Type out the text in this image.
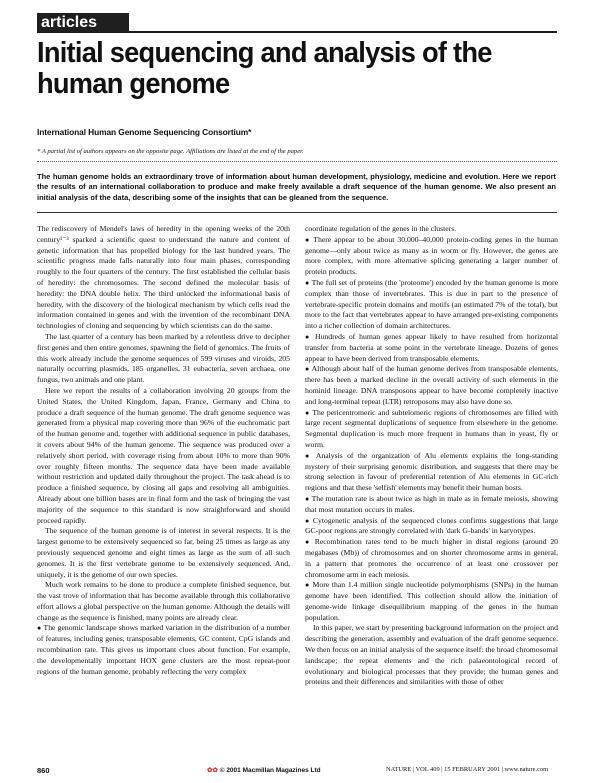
articles
Initial sequencing and analysis of the human genome
International Human Genome Sequencing Consortium*
* A partial list of authors appears on the opposite page. Affiliations are listed at the end of the paper.

The human genome holds an extraordinary trove of information about human development, physiology, medicine and evolution. Here we report the results of an international collaboration to produce and make freely available a draft sequence of the human genome. We also present an initial analysis of the data, describing some of the insights that can be gleaned from the sequence.

The rediscovery of Mendel's laws of heredity in the opening weeks of the 20th century¹⁻³ sparked a scientific quest to understand the nature and content of genetic information that has propelled biology for the last hundred years. The scientific progress made falls naturally into four main phases, corresponding roughly to the four quarters of the century. The first established the cellular basis of heredity: the chromosomes. The second defined the molecular basis of heredity: the DNA double helix. The third unlocked the informational basis of heredity, with the discovery of the biological mechanism by which cells read the information contained in genes and with the invention of the recombinant DNA technologies of cloning and sequencing by which scientists can do the same.

The last quarter of a century has been marked by a relentless drive to decipher first genes and then entire genomes, spawning the field of genomics. The fruits of this work already include the genome sequences of 599 viruses and viroids, 205 naturally occurring plasmids, 185 organelles, 31 eubacteria, seven archaea, one fungus, two animals and one plant.

Here we report the results of a collaboration involving 20 groups from the United States, the United Kingdom, Japan, France, Germany and China to produce a draft sequence of the human genome. The draft genome sequence was generated from a physical map covering more than 96% of the euchromatic part of the human genome and, together with additional sequence in public databases, it covers about 94% of the human genome. The sequence was produced over a relatively short period, with coverage rising from about 10% to more than 90% over roughly fifteen months. The sequence data have been made available without restriction and updated daily throughout the project. The task ahead is to produce a finished sequence, by closing all gaps and resolving all ambiguities. Already about one billion bases are in final form and the task of bringing the vast majority of the sequence to this standard is now straightforward and should proceed rapidly.

The sequence of the human genome is of interest in several respects. It is the largest genome to be extensively sequenced so far, being 25 times as large as any previously sequenced genome and eight times as large as the sum of all such genomes. It is the first vertebrate genome to be extensively sequenced. And, uniquely, it is the genome of our own species.

Much work remains to be done to produce a complete finished sequence, but the vast trove of information that has become available through this collaborative effort allows a global perspective on the human genome. Although the details will change as the sequence is finished, many points are already clear.

● The genomic landscape shows marked variation in the distribution of a number of features, including genes, transposable elements, GC content, CpG islands and recombination rate. This gives us important clues about function. For example, the developmentally important HOX gene clusters are the most repeat-poor regions of the human genome, probably reflecting the very complex

coordinate regulation of the genes in the clusters.

● There appear to be about 30,000–40,000 protein-coding genes in the human genome—only about twice as many as in worm or fly. However, the genes are more complex, with more alternative splicing generating a larger number of protein products.

● The full set of proteins (the 'proteome') encoded by the human genome is more complex than those of invertebrates. This is due in part to the presence of vertebrate-specific protein domains and motifs (an estimated 7% of the total), but more to the fact that vertebrates appear to have arranged pre-existing components into a richer collection of domain architectures.

● Hundreds of human genes appear likely to have resulted from horizontal transfer from bacteria at some point in the vertebrate lineage. Dozens of genes appear to have been derived from transposable elements.

● Although about half of the human genome derives from transposable elements, there has been a marked decline in the overall activity of such elements in the hominid lineage. DNA transposons appear to have become completely inactive and long-terminal repeat (LTR) retroposons may also have done so.

● The pericentromeric and subtelomeric regions of chromosomes are filled with large recent segmental duplications of sequence from elsewhere in the genome. Segmental duplication is much more frequent in humans than in yeast, fly or worm.

● Analysis of the organization of Alu elements explains the long-standing mystery of their surprising genomic distribution, and suggests that there may be strong selection in favour of preferential retention of Alu elements in GC-rich regions and that these 'selfish' elements may benefit their human hosts.

● The mutation rate is about twice as high in male as in female meiosis, showing that most mutation occurs in males.

● Cytogenetic analysis of the sequenced clones confirms suggestions that large GC-poor regions are strongly correlated with 'dark G-bands' in karyotypes.

● Recombination rates tend to be much higher in distal regions (around 20 megabases (Mb)) of chromosomes and on shorter chromosome arms in general, in a pattern that promotes the occurrence of at least one crossover per chromosome arm in each meiosis.

● More than 1.4 million single nucleotide polymorphisms (SNPs) in the human genome have been identified. This collection should allow the initiation of genome-wide linkage disequilibrium mapping of the genes in the human population.

In this paper, we start by presenting background information on the project and describing the generation, assembly and evaluation of the draft genome sequence. We then focus on an initial analysis of the sequence itself: the broad chromosomal landscape; the repeat elements and the rich palaeontological record of evolutionary and biological processes that they provide; the human genes and proteins and their differences and similarities with those of other

860	✿✿ © 2001 Macmillan Magazines Ltd	NATURE | VOL 409 | 15 FEBRUARY 2001 | www.nature.com
